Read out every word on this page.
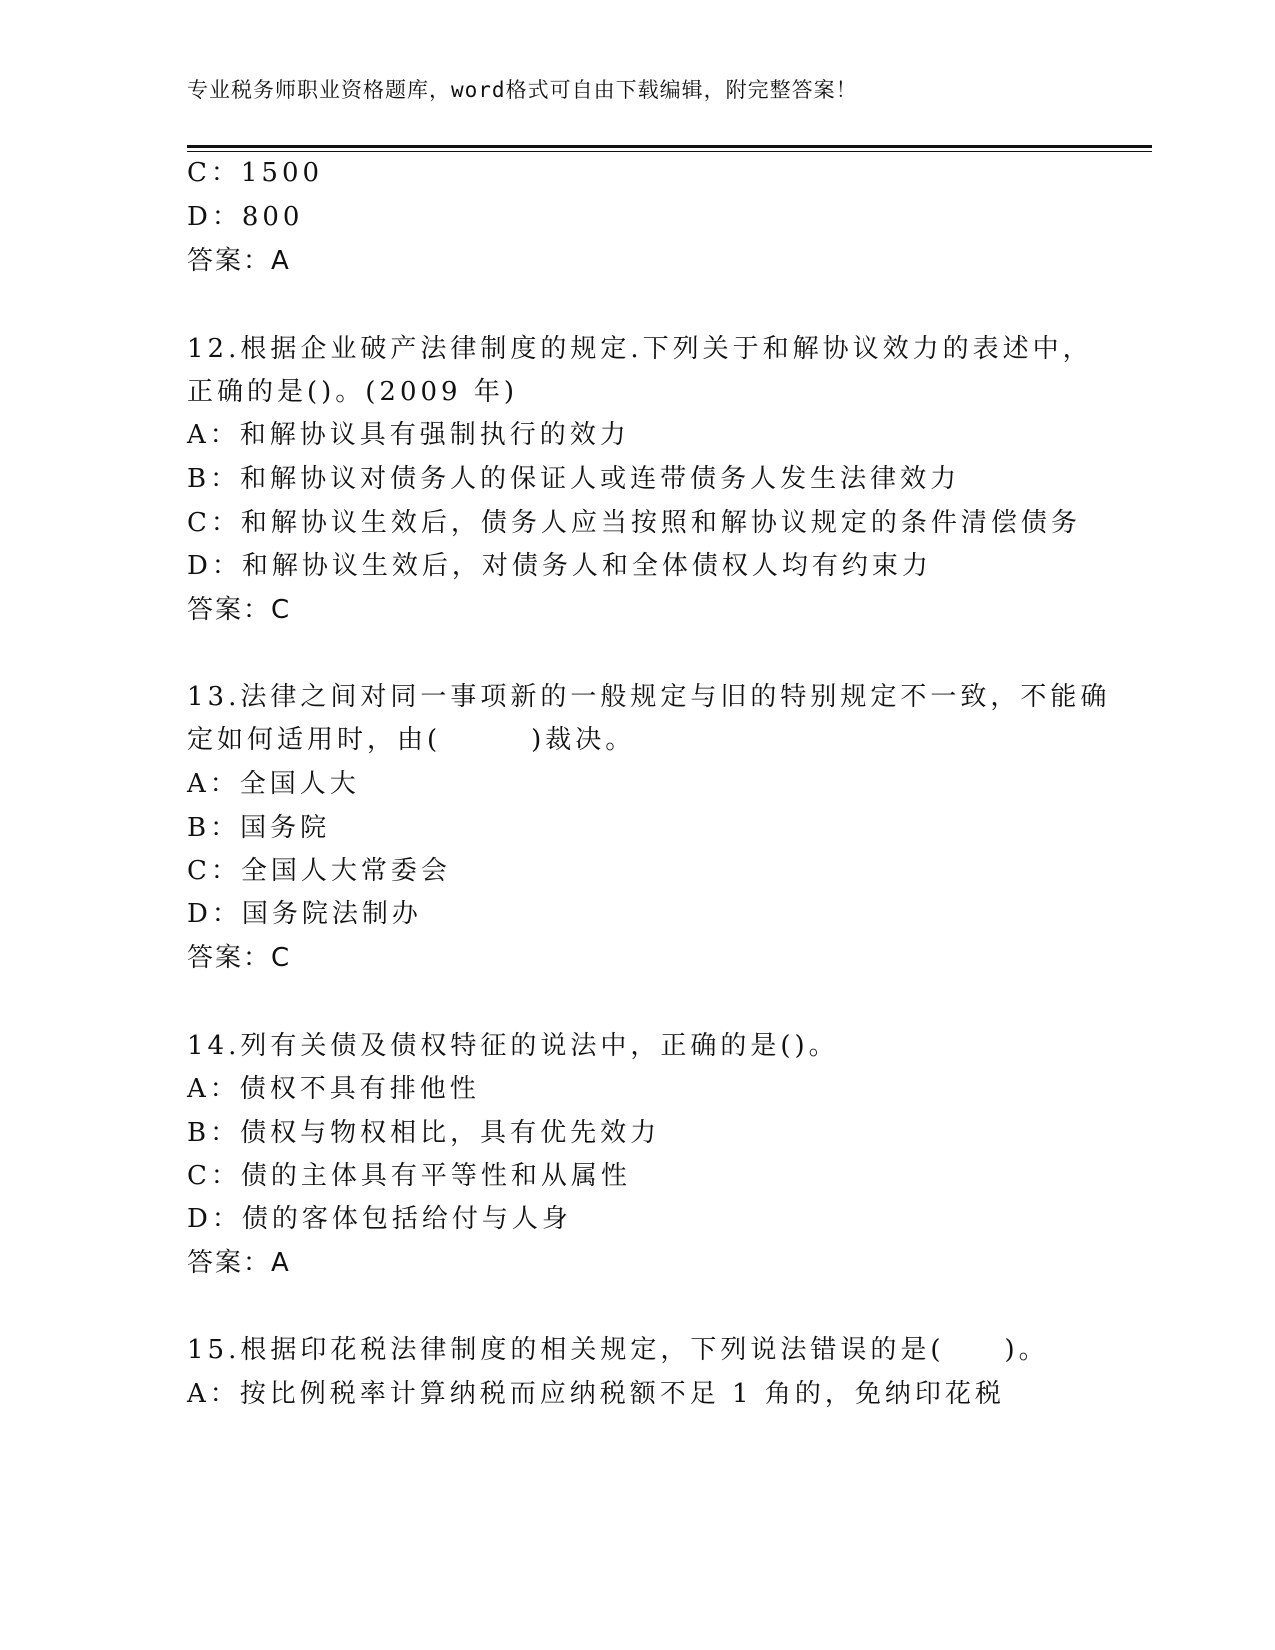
专业税务师职业资格题库，word格式可自由下载编辑，附完整答案！
C：1500
D：800
答案：A
12.根据企业破产法律制度的规定.下列关于和解协议效力的表述中，
正确的是()。(2009 年)
A：和解协议具有强制执行的效力
B：和解协议对债务人的保证人或连带债务人发生法律效力
C：和解协议生效后，债务人应当按照和解协议规定的条件清偿债务
D：和解协议生效后，对债务人和全体债权人均有约束力
答案：C
13.法律之间对同一事项新的一般规定与旧的特别规定不一致，不能确
定如何适用时，由(　　　)裁决。
A：全国人大
B：国务院
C：全国人大常委会
D：国务院法制办
答案：C
14.列有关债及债权特征的说法中，正确的是()。
A：债权不具有排他性
B：债权与物权相比，具有优先效力
C：债的主体具有平等性和从属性
D：债的客体包括给付与人身
答案：A
15.根据印花税法律制度的相关规定，下列说法错误的是(　　)。
A：按比例税率计算纳税而应纳税额不足 1 角的，免纳印花税
